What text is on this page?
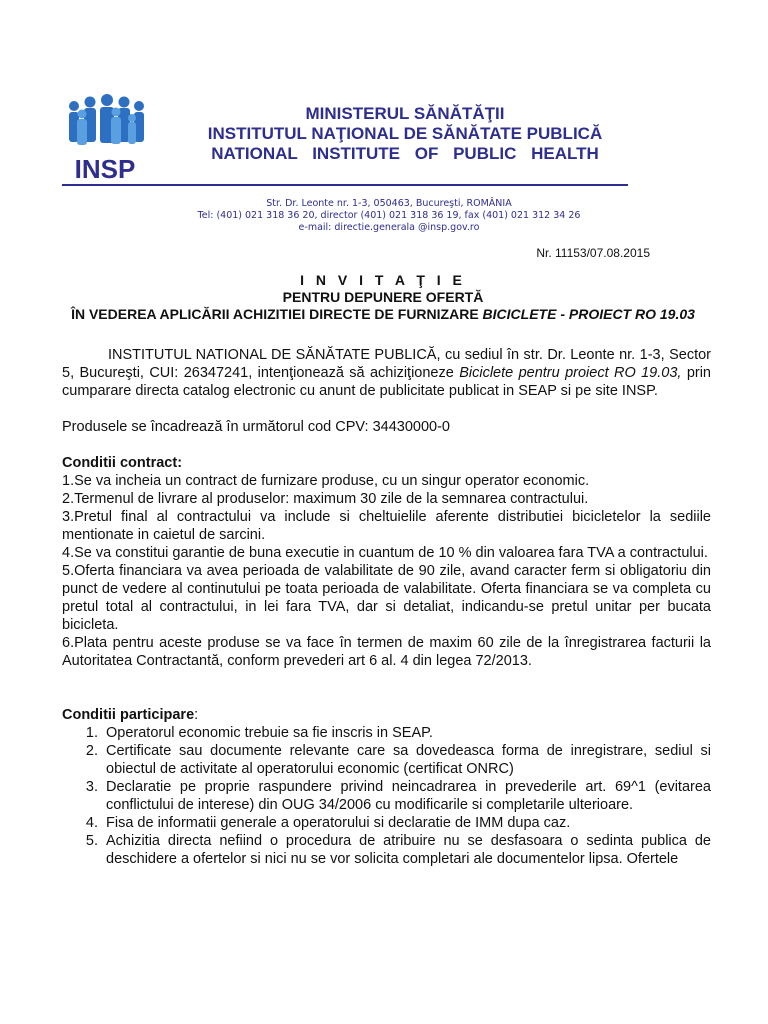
INSP
MINISTERUL SĂNĂTĂŢII
INSTITUTUL NAŢIONAL DE SĂNĂTATE PUBLICĂ
NATIONAL INSTITUTE OF PUBLIC HEALTH
Str. Dr. Leonte nr. 1-3, 050463, Bucureşti, ROMÂNIA
Tel: (401) 021 318 36 20, director (401) 021 318 36 19, fax (401) 021 312 34 26
e-mail: directie.generala @insp.gov.ro
Nr. 11153/07.08.2015
I N V I T A Ţ I E
PENTRU DEPUNERE OFERTĂ
ÎN VEDEREA APLICĂRII ACHIZITIEI DIRECTE DE FURNIZARE BICICLETE - PROIECT RO 19.03

INSTITUTUL NATIONAL DE SĂNĂTATE PUBLICĂ, cu sediul în str. Dr. Leonte nr. 1-3, Sector 5, Bucureşti, CUI: 26347241, intenţionează să achiziţioneze Biciclete pentru proiect RO 19.03, prin cumparare directa catalog electronic cu anunt de publicitate publicat in SEAP si pe site INSP.

Produsele se încadrează în următorul cod CPV: 34430000-0

Conditii contract:

1.Se va incheia un contract de furnizare produse, cu un singur operator economic.

2.Termenul de livrare al produselor: maximum 30 zile de la semnarea contractului.

3.Pretul final al contractului va include si cheltuielile aferente distributiei bicicletelor la sediile mentionate in caietul de sarcini.

4.Se va constitui garantie de buna executie in cuantum de 10 % din valoarea fara TVA a contractului.

5.Oferta financiara va avea perioada de valabilitate de 90 zile, avand caracter ferm si obligatoriu din punct de vedere al continutului pe toata perioada de valabilitate. Oferta financiara se va completa cu pretul total al contractului, in lei fara TVA, dar si detaliat, indicandu-se pretul unitar per bucata bicicleta.

6.Plata pentru aceste produse se va face în termen de maxim 60 zile de la înregistrarea facturii la Autoritatea Contractantă, conform prevederi art 6 al. 4 din legea 72/2013.

Conditii participare:

1. Operatorul economic trebuie sa fie inscris in SEAP.
2. Certificate sau documente relevante care sa dovedeasca forma de inregistrare, sediul si obiectul de activitate al operatorului economic (certificat ONRC)
3. Declaratie pe proprie raspundere privind neincadrarea in prevederile art. 69^1 (evitarea conflictului de interese) din OUG 34/2006 cu modificarile si completarile ulterioare.
4. Fisa de informatii generale a operatorului si declaratie de IMM dupa caz.
5. Achizitia directa nefiind o procedura de atribuire nu se desfasoara o sedinta publica de deschidere a ofertelor si nici nu se vor solicita completari ale documentelor lipsa. Ofertele
